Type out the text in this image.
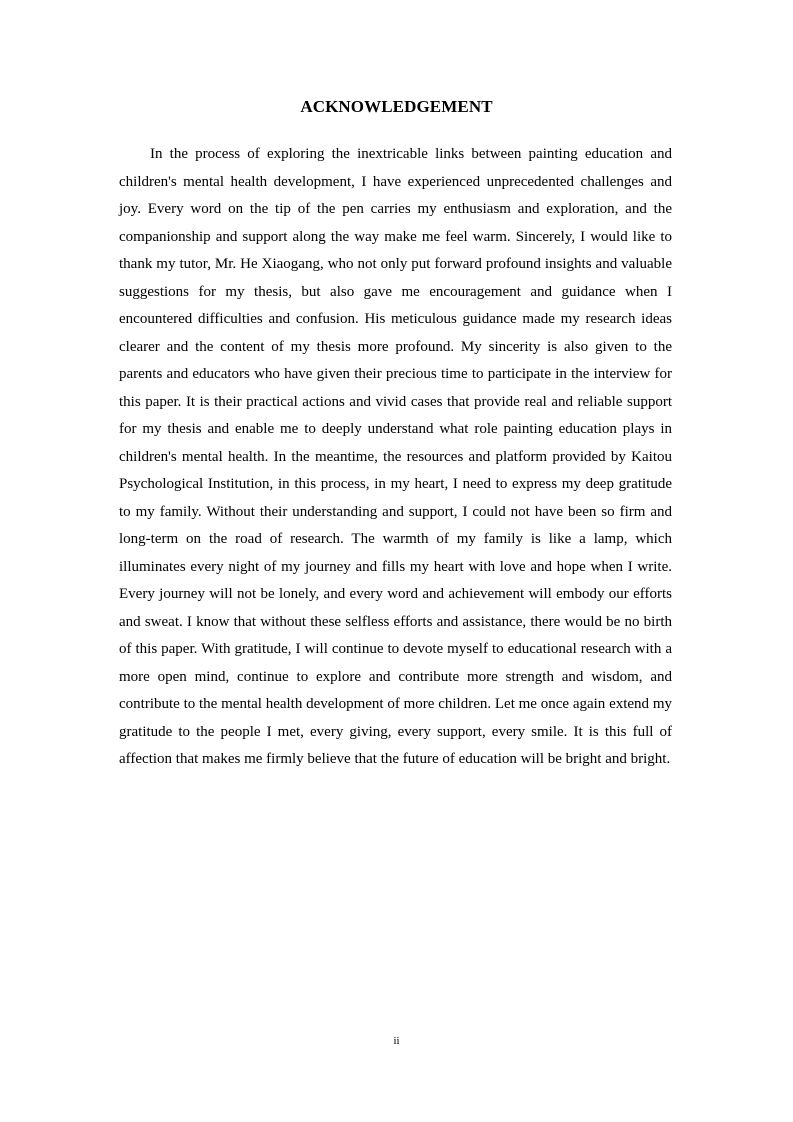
ACKNOWLEDGEMENT

In the process of exploring the inextricable links between painting education and children's mental health development, I have experienced unprecedented challenges and joy. Every word on the tip of the pen carries my enthusiasm and exploration, and the companionship and support along the way make me feel warm. Sincerely, I would like to thank my tutor, Mr. He Xiaogang, who not only put forward profound insights and valuable suggestions for my thesis, but also gave me encouragement and guidance when I encountered difficulties and confusion. His meticulous guidance made my research ideas clearer and the content of my thesis more profound. My sincerity is also given to the parents and educators who have given their precious time to participate in the interview for this paper. It is their practical actions and vivid cases that provide real and reliable support for my thesis and enable me to deeply understand what role painting education plays in children's mental health. In the meantime, the resources and platform provided by Kaitou Psychological Institution, in this process, in my heart, I need to express my deep gratitude to my family. Without their understanding and support, I could not have been so firm and long-term on the road of research. The warmth of my family is like a lamp, which illuminates every night of my journey and fills my heart with love and hope when I write. Every journey will not be lonely, and every word and achievement will embody our efforts and sweat. I know that without these selfless efforts and assistance, there would be no birth of this paper. With gratitude, I will continue to devote myself to educational research with a more open mind, continue to explore and contribute more strength and wisdom, and contribute to the mental health development of more children. Let me once again extend my gratitude to the people I met, every giving, every support, every smile. It is this full of affection that makes me firmly believe that the future of education will be bright and bright.

ii
